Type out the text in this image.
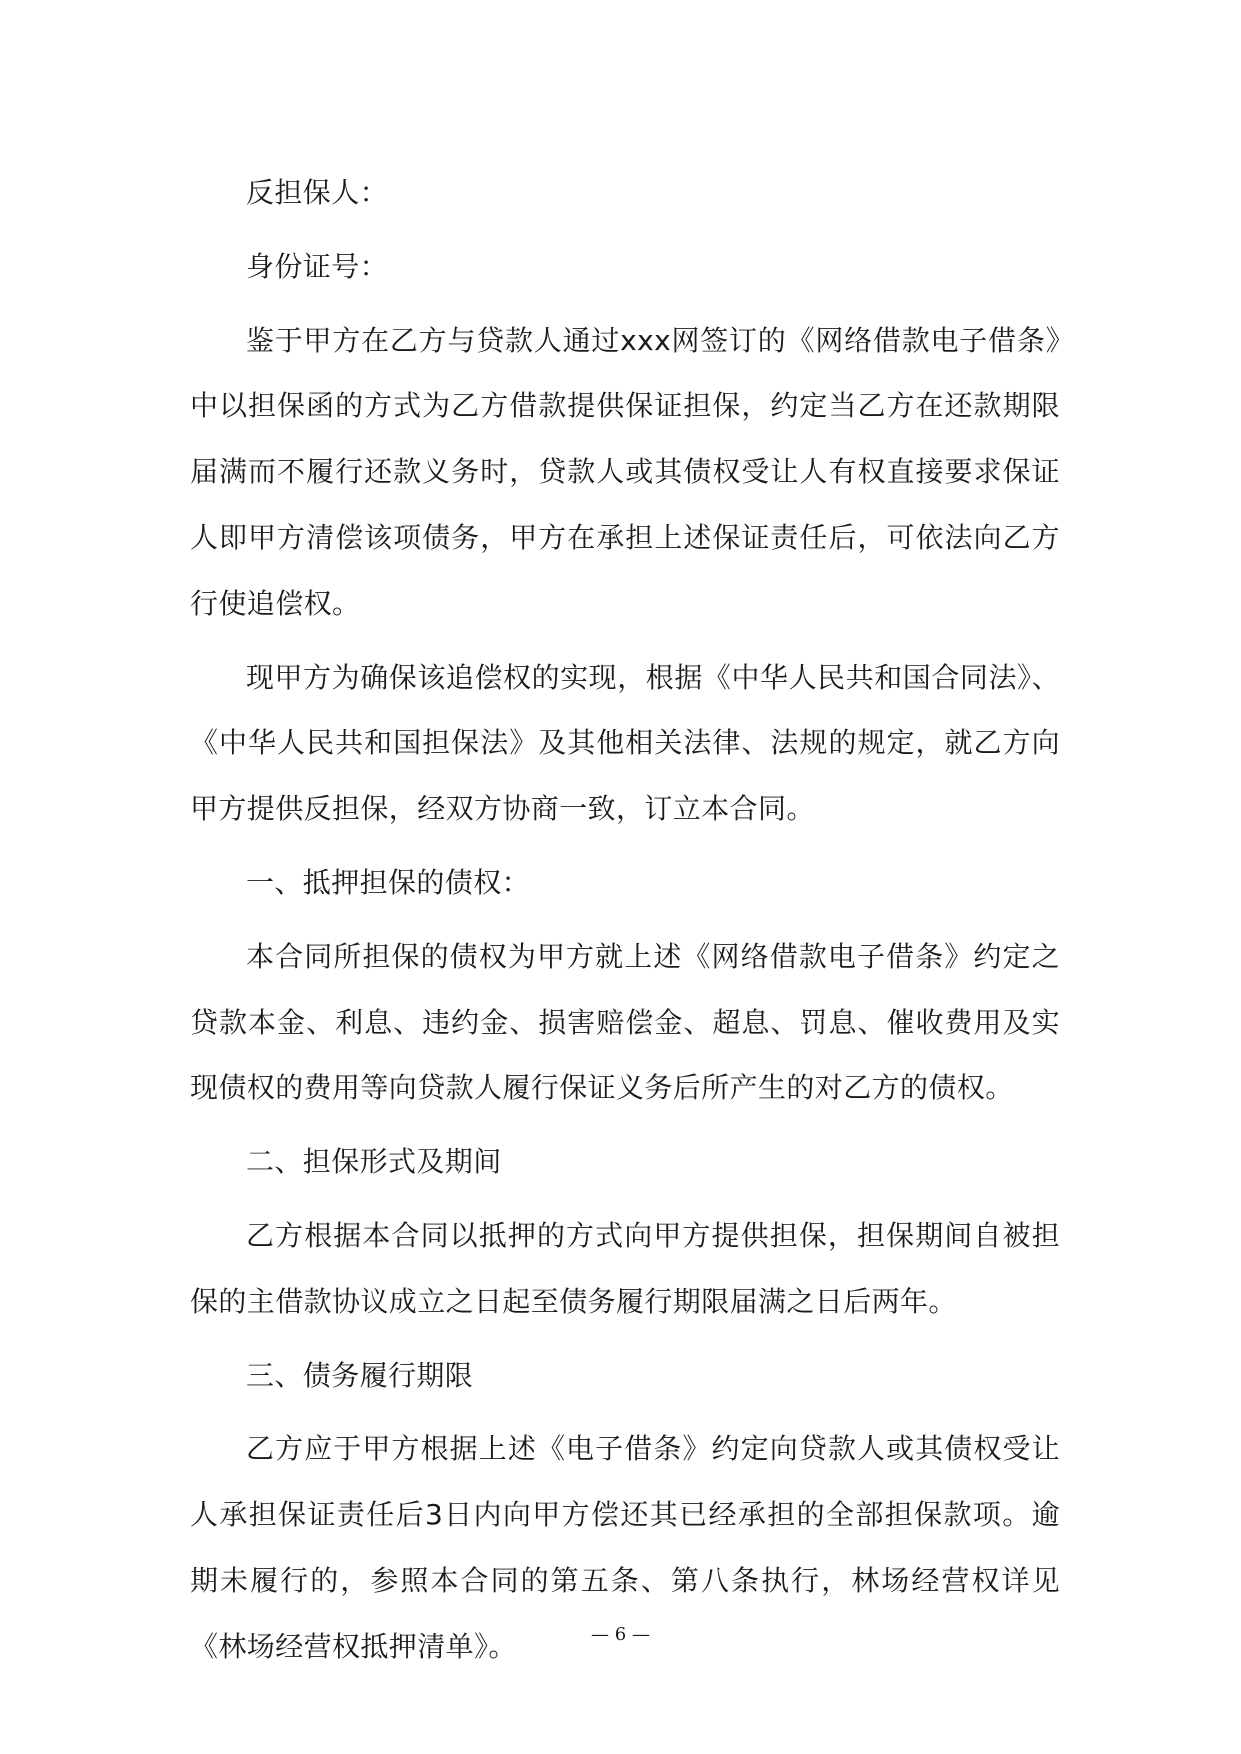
反担保人：

身份证号：

鉴于甲方在乙方与贷款人通过xxx网签订的《网络借款电子借条》中以担保函的方式为乙方借款提供保证担保，约定当乙方在还款期限届满而不履行还款义务时，贷款人或其债权受让人有权直接要求保证人即甲方清偿该项债务，甲方在承担上述保证责任后，可依法向乙方行使追偿权。

现甲方为确保该追偿权的实现，根据《中华人民共和国合同法》、《中华人民共和国担保法》及其他相关法律、法规的规定，就乙方向甲方提供反担保，经双方协商一致，订立本合同。

一、抵押担保的债权：

本合同所担保的债权为甲方就上述《网络借款电子借条》约定之贷款本金、利息、违约金、损害赔偿金、超息、罚息、催收费用及实现债权的费用等向贷款人履行保证义务后所产生的对乙方的债权。

二、担保形式及期间

乙方根据本合同以抵押的方式向甲方提供担保，担保期间自被担保的主借款协议成立之日起至债务履行期限届满之日后两年。

三、债务履行期限

乙方应于甲方根据上述《电子借条》约定向贷款人或其债权受让人承担保证责任后3日内向甲方偿还其已经承担的全部担保款项。逾期未履行的，参照本合同的第五条、第八条执行，林场经营权详见《林场经营权抵押清单》。	— 6 —
